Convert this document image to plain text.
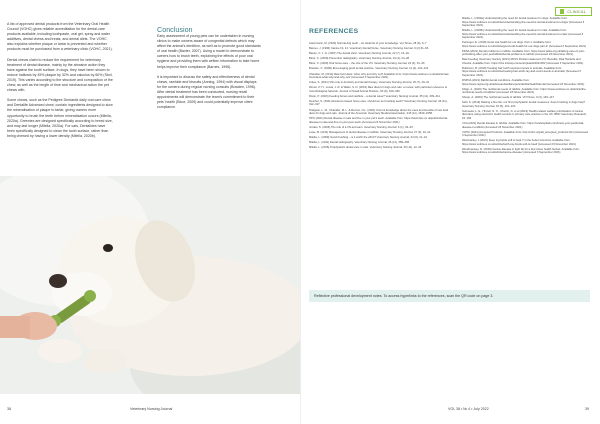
A list of approved dental products from the Veterinary Oral Health Council (VOHC) gives reliable accreditation for the dental-care products available, including toothpaste, oral gel, spray and water additives, dental chews and treats, and dental diets. The VOHC also explains whether plaque or tartar is prevented and whether products must be purchased from a veterinary clinic (VOHC, 2021).

Dental chews claim to reduce the requirement for veterinary treatment of dental disease, mainly by the abrasive action they have against the tooth surface. In dogs, they have been shown to reduce halitosis by 45% plaque by 32% and calculus by 60% (Stoll, 2019). This varies according to the structure and composition of the chew, as well as the length of time and mechanical action the pet chews with.

Some chews, such as the Pedigree Dentastix daily oral care chew and Dentalife Advanced chew, contain ingredients designed to slow the mineralisation of plaque to tartar, giving owners more opportunity to brush the teeth before mineralisation occurs (Milella, 2020a). Greenies are designed specifically according to breed size, and may last longer (Milella, 2020a). For cats, Dentalides have been specifically designed to clean the tooth surface, rather than being chewed by having a lower density (Milella, 2020b).

Conclusion

Early assessment of young pets can be undertaken in nursing clinics to make owners aware of congenital defects which may affect the animal's dentition, as well as to promote good standards of oral health (Baxter, 2007). Using a model to demonstrate to owners how to brush teeth, explaining the effects of poor oral hygiene and providing them with written information to take home helps improve their compliance (Barnes, 1996).

It is important to discuss the safety and effectiveness of dental chews, rawhide and biscuits (Anning, 1994) with visual displays for the owners during regular nursing consults (Bowden, 1996). After dental treatment has been conducted, nursing recall appointments will demonstrate the team's commitment to their pets' health (Bloor, 2009) and could potentially improve client compliance.

38	Veterinary Nursing Journal
CLINICAL
REFERENCES
Ackermann, M. (2020) Normal dog teeth – An ideal list of your knowledge. Vet Times, 28 (9), 6–7
Barnes, J. (1996) Canine Fit, 12. Veterinary Dental Nurse. Veterinary Nursing Journal, 9 (2) 61–63.
Baxter, C. J. G. (2007) The dental clinic. Veterinary Nursing Journal, 22 (7), 13–16.
Bloor, C. (2009) Prevention radiography. Veterinary Nursing Journal, 24 (4), 24–28
Bloor, C. (2009) Oral home-care – the role of the VN. Veterinary Nursing Journal, 24 (4), 31–33
Bowden, C. (1996) Encouraging good dental practice. Veterinary Nursing Journal, 11 (4), 120–122
Chandler, M. (2014) Raw food diets: what, why and why not? Available from: https://www.vettimes.co.uk/article/raw-food-diets-what-why-and-why-not/ (Accessed 3 September 2021)
Coles, S. (2011) VNs role in dentistry and dental therapy. Veterinary Nursing Journal, 26 (7), 29–31
Dinner, P. H., Lucas, J. R. & Watts, S. D. (2019) Raw diets for dogs and cats: a review, with particular reference to microbiological hazards. Journal of Small Animal Practice, 60 (6), 329–339
Dixon, P. (2020) Feeding bones and rawhide – a dental issue? Veterinary Nursing Journal, 35 (11), 309–311
Fletcher, S. (2021) Evidence-based home-care: should we be brushing teeth? Veterinary Nursing Journal, 36 (11), 312–317
Hodgson, L. M., Chandler, M. L. & Renner, N.L. (2021) Current knowledge about the uses and benefits of raw food diets for dogs and cats. Journal of the American Veterinary Medical Association, 243 (11), 1549–1558.
HPC (2021) Dental disease in cats and five in your pet's teeth. Available from: https://www.hpc.co.uk/public/dental-disease-in-cats-and-fine-in-your-pets-teeth (Accessed 23 November 2021)
Jordan, S. (2006) The role of a VN-led team. Veterinary Nursing Journal, 6 (1), 32–33
Lowe, B. (2011) Management of dental disease in rabbits. Veterinary Nursing Journal, 27 (3), 10–12
Milella, L. (2009) Good brushing – is it worth the effort? Veterinary Nursing Journal, 24 (6), 21–24
Milella, L. (2011) Dental radiography. Veterinary Nursing Journal, 26 (11), 389–396
Milella, L. (2015) Prophylactic dental care in cats. Veterinary Nursing Journal, 30 (11), 12–16
Milella, L. (2020a) Understanding the need for dental treatment in dogs. Available from: https://www.vettimes.co.uk/article/understanding-the-need-for-dental-treatment-in-dogs/ (Accessed 3 September 2021)
Milella, L. (2020b) Understanding the need for dental treatment in cats. Available from: https://www.vettimes.co.uk/article/understanding-the-need-for-dental-treatment-in-cats/ (Accessed 3 September 2021)
Persinger, E. (2018) Good oral health for our dogs. Part 1. Available from: https://www.vettimes.co.uk/article/good-oral-health-for-our-dogs-part-1/ (Accessed 3 September 2021)
PDSA (2021) Dental problems in rabbits. Available from: https://www.pdsa.org.uk/taking-care-of-your-pet/looking-after-your-pet/rabbits/dental-problems-in-rabbits (Accessed 23 November 2021)
Raw Feeding Veterinary Society (2021) RFVS Position statement 2.0: Benefits, Risk Hazards and Checks. Available from: https://rfvs.info/wp-content/uploads/2021/09/ (Accessed 3 September 2021)
Robinson, B. (2019) Treating hair tooth ray/count levels in animals. Available from: https://www.vettimes.co.uk/article/treating-hair-tooth-ray-and-count-levels-in-animals/ (Accessed 3 September 2021)
RSPCA (2021) Rabbit dental conditions. Available from: https://www.rspca.org.uk/adviceandwelfare/pets/rabbits/health/dental (Accessed 23 November 2021)
Shipp, A. (2016) The nutritional needs of rabbits. Available from: https://www.vettimes.co.uk/article/the-nutritional-needs-of-rabbits/ (Accessed 23 November 2021)
Shoup, A. (2009) The nutritional needs of rabbits. VN Times, 9 (3), 145–147
Stoll, S. (2019) Raising a fine life: our first prophylactic dental measures: does brushing in dogs help? Veterinary Nursing Journal, 34 (5), 101–104
Surmeela, L. E., Hinzell, N. O., Church, D. et al (2019) Health-related welfare prioritisation of canine disorders using electronic health records in primary care practice in the UK. BMC Veterinary Research, 15: 163
VCA (2021) Dental disease in rabbits. Available from: https://vcahospitals.com/know-your-pet/dental-disease-in-rabbits (Accessed 23 November 2021)
VOHC (2021) Accepted Products. Available from: http://vohc.org/all_accepted_products.html (Accessed 3 September 2021)
Westmarley, L (2021) Keep ing foods soft to heal ? in the better tomorrow. Available from: https://www.vettimes.co.uk/article/tooth-ray-foods-soft-to-heal/ (Accessed 23 November 2021)
Woodmansey, D. (2019) Canine disease in light fat for a four-times health bucket. Available from: https://www.vettimes.co.uk/article/canine-disease/ (Accessed 3 September 2021)
Reflective professional development notes. To access hyperlinks to the references, scan the QR code on page 3.
VOL 38 • № 4 • July 2022	39
